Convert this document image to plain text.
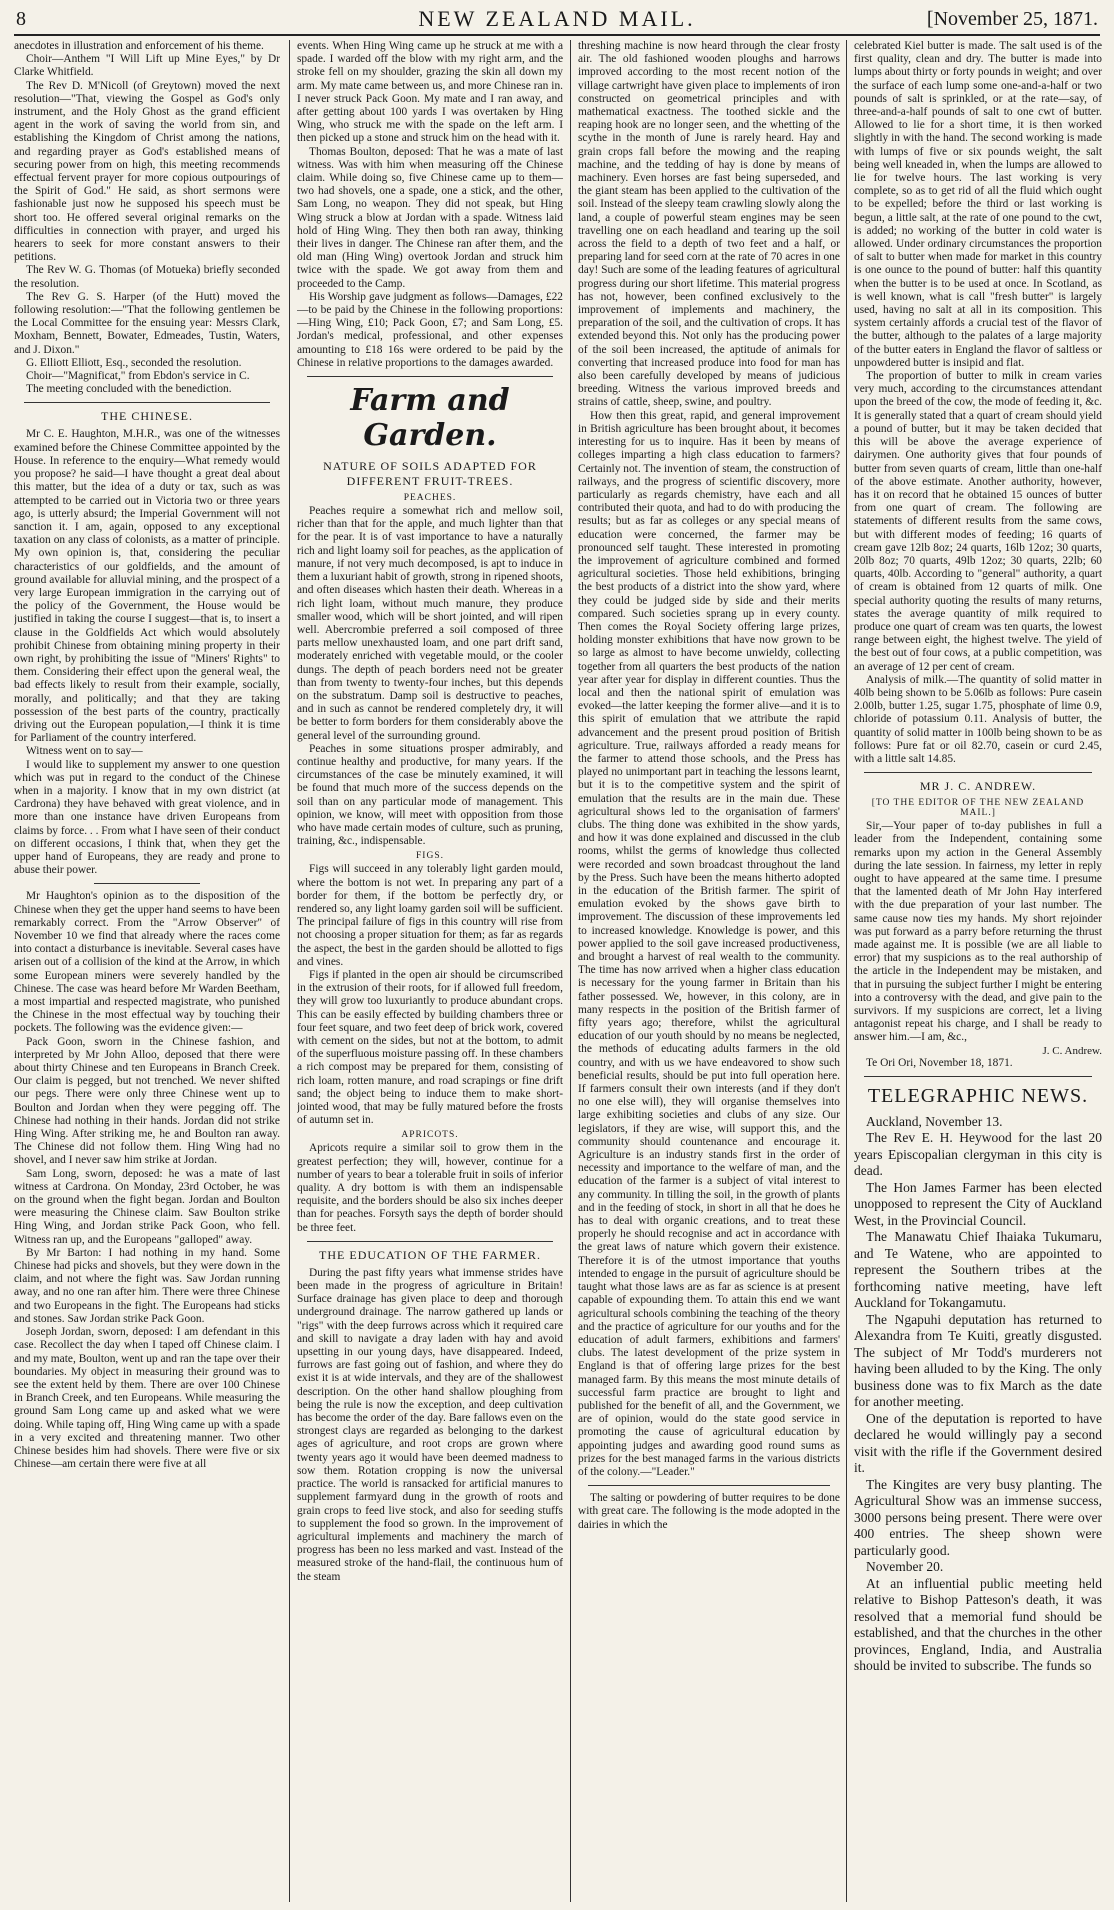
8	NEW ZEALAND MAIL.	[November 25, 1871.

anecdotes in illustration and enforcement of his theme.

Choir—Anthem "I Will Lift up Mine Eyes," by Dr Clarke Whitfield.

The Rev D. M'Nicoll (of Greytown) moved the next resolution—"That, viewing the Gospel as God's only instrument, and the Holy Ghost as the grand efficient agent in the work of saving the world from sin, and establishing the Kingdom of Christ among the nations, and regarding prayer as God's established means of securing power from on high, this meeting recommends effectual fervent prayer for more copious outpourings of the Spirit of God." He said, as short sermons were fashionable just now he supposed his speech must be short too. He offered several original remarks on the difficulties in connection with prayer, and urged his hearers to seek for more constant answers to their petitions.

The Rev W. G. Thomas (of Motueka) briefly seconded the resolution.

The Rev G. S. Harper (of the Hutt) moved the following resolution:—"That the following gentlemen be the Local Committee for the ensuing year: Messrs Clark, Moxham, Bennett, Bowater, Edmeades, Tustin, Waters, and J. Dixon."

G. Elliott Elliott, Esq., seconded the resolution.

Choir—"Magnificat," from Ebdon's service in C.

The meeting concluded with the benediction.

THE CHINESE.

Mr C. E. Haughton, M.H.R., was one of the witnesses examined before the Chinese Committee appointed by the House. In reference to the enquiry—What remedy would you propose? he said—I have thought a great deal about this matter, but the idea of a duty or tax, such as was attempted to be carried out in Victoria two or three years ago, is utterly absurd; the Imperial Government will not sanction it. I am, again, opposed to any exceptional taxation on any class of colonists, as a matter of principle. My own opinion is, that, considering the peculiar characteristics of our goldfields, and the amount of ground available for alluvial mining, and the prospect of a very large European immigration in the carrying out of the policy of the Government, the House would be justified in taking the course I suggest—that is, to insert a clause in the Goldfields Act which would absolutely prohibit Chinese from obtaining mining property in their own right, by prohibiting the issue of "Miners' Rights" to them. Considering their effect upon the general weal, the bad effects likely to result from their example, socially, morally, and politically; and that they are taking possession of the best parts of the country, practically driving out the European population,—I think it is time for Parliament of the country interfered.

Witness went on to say—

I would like to supplement my answer to one question which was put in regard to the conduct of the Chinese when in a majority. I know that in my own district (at Cardrona) they have behaved with great violence, and in more than one instance have driven Europeans from claims by force. . . From what I have seen of their conduct on different occasions, I think that, when they get the upper hand of Europeans, they are ready and prone to abuse their power.

Mr Haughton's opinion as to the disposition of the Chinese when they get the upper hand seems to have been remarkably correct. From the "Arrow Observer" of November 10 we find that already where the races come into contact a disturbance is inevitable. Several cases have arisen out of a collision of the kind at the Arrow, in which some European miners were severely handled by the Chinese. The case was heard before Mr Warden Beetham, a most impartial and respected magistrate, who punished the Chinese in the most effectual way by touching their pockets. The following was the evidence given:—

Pack Goon, sworn in the Chinese fashion, and interpreted by Mr John Alloo, deposed that there were about thirty Chinese and ten Europeans in Branch Creek. Our claim is pegged, but not trenched. We never shifted our pegs. There were only three Chinese went up to Boulton and Jordan when they were pegging off. The Chinese had nothing in their hands. Jordan did not strike Hing Wing. After striking me, he and Boulton ran away. The Chinese did not follow them. Hing Wing had no shovel, and I never saw him strike at Jordan.

Sam Long, sworn, deposed: he was a mate of last witness at Cardrona. On Monday, 23rd October, he was on the ground when the fight began. Jordan and Boulton were measuring the Chinese claim. Saw Boulton strike Hing Wing, and Jordan strike Pack Goon, who fell. Witness ran up, and the Europeans "galloped" away.

By Mr Barton: I had nothing in my hand. Some Chinese had picks and shovels, but they were down in the claim, and not where the fight was. Saw Jordan running away, and no one ran after him. There were three Chinese and two Europeans in the fight. The Europeans had sticks and stones. Saw Jordan strike Pack Goon.

Joseph Jordan, sworn, deposed: I am defendant in this case. Recollect the day when I taped off Chinese claim. I and my mate, Boulton, went up and ran the tape over their boundaries. My object in measuring their ground was to see the extent held by them. There are over 100 Chinese in Branch Creek, and ten Europeans. While measuring the ground Sam Long came up and asked what we were doing. While taping off, Hing Wing came up with a spade in a very excited and threatening manner. Two other Chinese besides him had shovels. There were five or six Chinese—am certain there were five at all

events. When Hing Wing came up he struck at me with a spade. I warded off the blow with my right arm, and the stroke fell on my shoulder, grazing the skin all down my arm. My mate came between us, and more Chinese ran in. I never struck Pack Goon. My mate and I ran away, and after getting about 100 yards I was overtaken by Hing Wing, who struck me with the spade on the left arm. I then picked up a stone and struck him on the head with it.

Thomas Boulton, deposed: That he was a mate of last witness. Was with him when measuring off the Chinese claim. While doing so, five Chinese came up to them—two had shovels, one a spade, one a stick, and the other, Sam Long, no weapon. They did not speak, but Hing Wing struck a blow at Jordan with a spade. Witness laid hold of Hing Wing. They then both ran away, thinking their lives in danger. The Chinese ran after them, and the old man (Hing Wing) overtook Jordan and struck him twice with the spade. We got away from them and proceeded to the Camp.

His Worship gave judgment as follows—Damages, £22—to be paid by the Chinese in the following proportions:—Hing Wing, £10; Pack Goon, £7; and Sam Long, £5. Jordan's medical, professional, and other expenses amounting to £18 16s were ordered to be paid by the Chinese in relative proportions to the damages awarded.

Farm and Garden.
NATURE OF SOILS ADAPTED FOR DIFFERENT FRUIT-TREES.
PEACHES.

Peaches require a somewhat rich and mellow soil, richer than that for the apple, and much lighter than that for the pear. It is of vast importance to have a naturally rich and light loamy soil for peaches, as the application of manure, if not very much decomposed, is apt to induce in them a luxuriant habit of growth, strong in ripened shoots, and often diseases which hasten their death. Whereas in a rich light loam, without much manure, they produce smaller wood, which will be short jointed, and will ripen well. Abercrombie preferred a soil composed of three parts mellow unexhausted loam, and one part drift sand, moderately enriched with vegetable mould, or the cooler dungs. The depth of peach borders need not be greater than from twenty to twenty-four inches, but this depends on the substratum. Damp soil is destructive to peaches, and in such as cannot be rendered completely dry, it will be better to form borders for them considerably above the general level of the surrounding ground.

Peaches in some situations prosper admirably, and continue healthy and productive, for many years. If the circumstances of the case be minutely examined, it will be found that much more of the success depends on the soil than on any particular mode of management. This opinion, we know, will meet with opposition from those who have made certain modes of culture, such as pruning, training, &c., indispensable.

FIGS.

Figs will succeed in any tolerably light garden mould, where the bottom is not wet. In preparing any part of a border for them, if the bottom be perfectly dry, or rendered so, any light loamy garden soil will be sufficient. The principal failure of figs in this country will rise from not choosing a proper situation for them; as far as regards the aspect, the best in the garden should be allotted to figs and vines.

Figs if planted in the open air should be circumscribed in the extrusion of their roots, for if allowed full freedom, they will grow too luxuriantly to produce abundant crops. This can be easily effected by building chambers three or four feet square, and two feet deep of brick work, covered with cement on the sides, but not at the bottom, to admit of the superfluous moisture passing off. In these chambers a rich compost may be prepared for them, consisting of rich loam, rotten manure, and road scrapings or fine drift sand; the object being to induce them to make short-jointed wood, that may be fully matured before the frosts of autumn set in.

APRICOTS.

Apricots require a similar soil to grow them in the greatest perfection; they will, however, continue for a number of years to bear a tolerable fruit in soils of inferior quality. A dry bottom is with them an indispensable requisite, and the borders should be also six inches deeper than for peaches. Forsyth says the depth of border should be three feet.

THE EDUCATION OF THE FARMER.

During the past fifty years what immense strides have been made in the progress of agriculture in Britain! Surface drainage has given place to deep and thorough underground drainage. The narrow gathered up lands or "rigs" with the deep furrows across which it required care and skill to navigate a dray laden with hay and avoid upsetting in our young days, have disappeared. Indeed, furrows are fast going out of fashion, and where they do exist it is at wide intervals, and they are of the shallowest description. On the other hand shallow ploughing from being the rule is now the exception, and deep cultivation has become the order of the day. Bare fallows even on the strongest clays are regarded as belonging to the darkest ages of agriculture, and root crops are grown where twenty years ago it would have been deemed madness to sow them. Rotation cropping is now the universal practice. The world is ransacked for artificial manures to supplement farmyard dung in the growth of roots and grain crops to feed live stock, and also for seeding stuffs to supplement the food so grown. In the improvement of agricultural implements and machinery the march of progress has been no less marked and vast. Instead of the measured stroke of the hand-flail, the continuous hum of the steam

threshing machine is now heard through the clear frosty air. The old fashioned wooden ploughs and harrows improved according to the most recent notion of the village cartwright have given place to implements of iron constructed on geometrical principles and with mathematical exactness. The toothed sickle and the reaping hook are no longer seen, and the whetting of the scythe in the month of June is rarely heard. Hay and grain crops fall before the mowing and the reaping machine, and the tedding of hay is done by means of machinery. Even horses are fast being superseded, and the giant steam has been applied to the cultivation of the soil. Instead of the sleepy team crawling slowly along the land, a couple of powerful steam engines may be seen travelling one on each headland and tearing up the soil across the field to a depth of two feet and a half, or preparing land for seed corn at the rate of 70 acres in one day! Such are some of the leading features of agricultural progress during our short lifetime. This material progress has not, however, been confined exclusively to the improvement of implements and machinery, the preparation of the soil, and the cultivation of crops. It has extended beyond this. Not only has the producing power of the soil been increased, the aptitude of animals for converting that increased produce into food for man has also been carefully developed by means of judicious breeding. Witness the various improved breeds and strains of cattle, sheep, swine, and poultry.

How then this great, rapid, and general improvement in British agriculture has been brought about, it becomes interesting for us to inquire. Has it been by means of colleges imparting a high class education to farmers? Certainly not. The invention of steam, the construction of railways, and the progress of scientific discovery, more particularly as regards chemistry, have each and all contributed their quota, and had to do with producing the results; but as far as colleges or any special means of education were concerned, the farmer may be pronounced self taught. These interested in promoting the improvement of agriculture combined and formed agricultural societies. Those held exhibitions, bringing the best products of a district into the show yard, where they could be judged side by side and their merits compared. Such societies sprang up in every county. Then comes the Royal Society offering large prizes, holding monster exhibitions that have now grown to be so large as almost to have become unwieldy, collecting together from all quarters the best products of the nation year after year for display in different counties. Thus the local and then the national spirit of emulation was evoked—the latter keeping the former alive—and it is to this spirit of emulation that we attribute the rapid advancement and the present proud position of British agriculture. True, railways afforded a ready means for the farmer to attend those schools, and the Press has played no unimportant part in teaching the lessons learnt, but it is to the competitive system and the spirit of emulation that the results are in the main due. These agricultural shows led to the organisation of farmers' clubs. The thing done was exhibited in the show yards, and how it was done explained and discussed in the club rooms, whilst the germs of knowledge thus collected were recorded and sown broadcast throughout the land by the Press. Such have been the means hitherto adopted in the education of the British farmer. The spirit of emulation evoked by the shows gave birth to improvement. The discussion of these improvements led to increased knowledge. Knowledge is power, and this power applied to the soil gave increased productiveness, and brought a harvest of real wealth to the community. The time has now arrived when a higher class education is necessary for the young farmer in Britain than his father possessed. We, however, in this colony, are in many respects in the position of the British farmer of fifty years ago; therefore, whilst the agricultural education of our youth should by no means be neglected, the methods of educating adults farmers in the old country, and with us we have endeavored to show such beneficial results, should be put into full operation here. If farmers consult their own interests (and if they don't no one else will), they will organise themselves into large exhibiting societies and clubs of any size. Our legislators, if they are wise, will support this, and the community should countenance and encourage it. Agriculture is an industry stands first in the order of necessity and importance to the welfare of man, and the education of the farmer is a subject of vital interest to any community. In tilling the soil, in the growth of plants and in the feeding of stock, in short in all that he does he has to deal with organic creations, and to treat these properly he should recognise and act in accordance with the great laws of nature which govern their existence. Therefore it is of the utmost importance that youths intended to engage in the pursuit of agriculture should be taught what those laws are as far as science is at present capable of expounding them. To attain this end we want agricultural schools combining the teaching of the theory and the practice of agriculture for our youths and for the education of adult farmers, exhibitions and farmers' clubs. The latest development of the prize system in England is that of offering large prizes for the best managed farm. By this means the most minute details of successful farm practice are brought to light and published for the benefit of all, and the Government, we are of opinion, would do the state good service in promoting the cause of agricultural education by appointing judges and awarding good round sums as prizes for the best managed farms in the various districts of the colony.—"Leader."

The salting or powdering of butter requires to be done with great care. The following is the mode adopted in the dairies in which the

celebrated Kiel butter is made. The salt used is of the first quality, clean and dry. The butter is made into lumps about thirty or forty pounds in weight; and over the surface of each lump some one-and-a-half or two pounds of salt is sprinkled, or at the rate—say, of three-and-a-half pounds of salt to one cwt of butter. Allowed to lie for a short time, it is then worked slightly in with the hand. The second working is made with lumps of five or six pounds weight, the salt being well kneaded in, when the lumps are allowed to lie for twelve hours. The last working is very complete, so as to get rid of all the fluid which ought to be expelled; before the third or last working is begun, a little salt, at the rate of one pound to the cwt, is added; no working of the butter in cold water is allowed. Under ordinary circumstances the proportion of salt to butter when made for market in this country is one ounce to the pound of butter: half this quantity when the butter is to be used at once. In Scotland, as is well known, what is call "fresh butter" is largely used, having no salt at all in its composition. This system certainly affords a crucial test of the flavor of the butter, although to the palates of a large majority of the butter eaters in England the flavor of saltless or unpowdered butter is insipid and flat.

The proportion of butter to milk in cream varies very much, according to the circumstances attendant upon the breed of the cow, the mode of feeding it, &c. It is generally stated that a quart of cream should yield a pound of butter, but it may be taken decided that this will be above the average experience of dairymen. One authority gives that four pounds of butter from seven quarts of cream, little than one-half of the above estimate. Another authority, however, has it on record that he obtained 15 ounces of butter from one quart of cream. The following are statements of different results from the same cows, but with different modes of feeding; 16 quarts of cream gave 12lb 8oz; 24 quarts, 16lb 12oz; 30 quarts, 20lb 8oz; 70 quarts, 49lb 12oz; 30 quarts, 22lb; 60 quarts, 40lb. According to "general" authority, a quart of cream is obtained from 12 quarts of milk. One special authority quoting the results of many returns, states the average quantity of milk required to produce one quart of cream was ten quarts, the lowest range between eight, the highest twelve. The yield of the best out of four cows, at a public competition, was an average of 12 per cent of cream.

Analysis of milk.—The quantity of solid matter in 40lb being shown to be 5.06lb as follows: Pure casein 2.00lb, butter 1.25, sugar 1.75, phosphate of lime 0.9, chloride of potassium 0.11. Analysis of butter, the quantity of solid matter in 100lb being shown to be as follows: Pure fat or oil 82.70, casein or curd 2.45, with a little salt 14.85.

MR J. C. ANDREW.
[TO THE EDITOR OF THE NEW ZEALAND MAIL.]

Sir,—Your paper of to-day publishes in full a leader from the Independent, containing some remarks upon my action in the General Assembly during the late session. In fairness, my letter in reply ought to have appeared at the same time. I presume that the lamented death of Mr John Hay interfered with the due preparation of your last number. The same cause now ties my hands. My short rejoinder was put forward as a parry before returning the thrust made against me. It is possible (we are all liable to error) that my suspicions as to the real authorship of the article in the Independent may be mistaken, and that in pursuing the subject further I might be entering into a controversy with the dead, and give pain to the survivors. If my suspicions are correct, let a living antagonist repeat his charge, and I shall be ready to answer him.—I am, &c.,

J. C. Andrew.

Te Ori Ori, November 18, 1871.

TELEGRAPHIC NEWS.

Auckland, November 13.

The Rev E. H. Heywood for the last 20 years Episcopalian clergyman in this city is dead.

The Hon James Farmer has been elected unopposed to represent the City of Auckland West, in the Provincial Council.

The Manawatu Chief Ihaiaka Tukumaru, and Te Watene, who are appointed to represent the Southern tribes at the forthcoming native meeting, have left Auckland for Tokangamutu.

The Ngapuhi deputation has returned to Alexandra from Te Kuiti, greatly disgusted. The subject of Mr Todd's murderers not having been alluded to by the King. The only business done was to fix March as the date for another meeting.

One of the deputation is reported to have declared he would willingly pay a second visit with the rifle if the Government desired it.

The Kingites are very busy planting. The Agricultural Show was an immense success, 3000 persons being present. There were over 400 entries. The sheep shown were particularly good.

November 20.

At an influential public meeting held relative to Bishop Patteson's death, it was resolved that a memorial fund should be established, and that the churches in the other provinces, England, India, and Australia should be invited to subscribe. The funds so
